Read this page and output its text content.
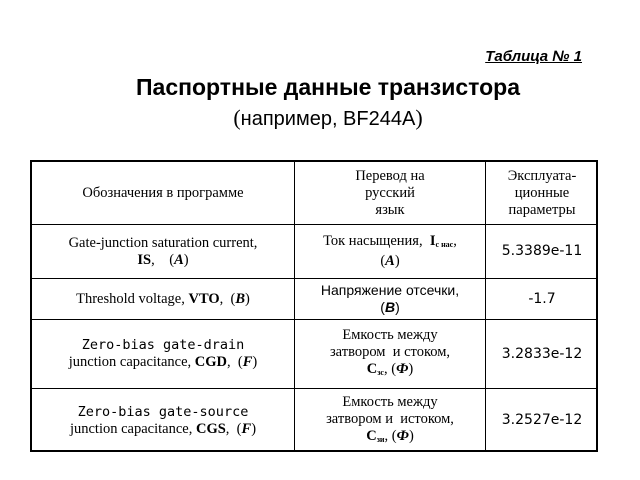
Таблица № 1
Паспортные данные транзистора
(например, BF244A)
Обозначения в программе
Перевод на русский язык
Эксплуата-ционные параметры
Gate-junction saturation current,
IS,    (A)
Ток насыщения, $I_{с нас}$,
(A)
5.3389e-11
Threshold voltage, VTO,  (B)
Напряжение отсечки,
(B)
-1.7
Zero-bias gate-drain
junction capacitance, CGD,  (F)
Емкость между
затвором  и стоком,
$С_{зс}$, (Ф)
3.2833e-12
Zero-bias gate-source
junction capacitance, CGS,  (F)
Емкость между
затвором и  истоком,
$С_{зи}$, (Ф)
3.2527e-12
